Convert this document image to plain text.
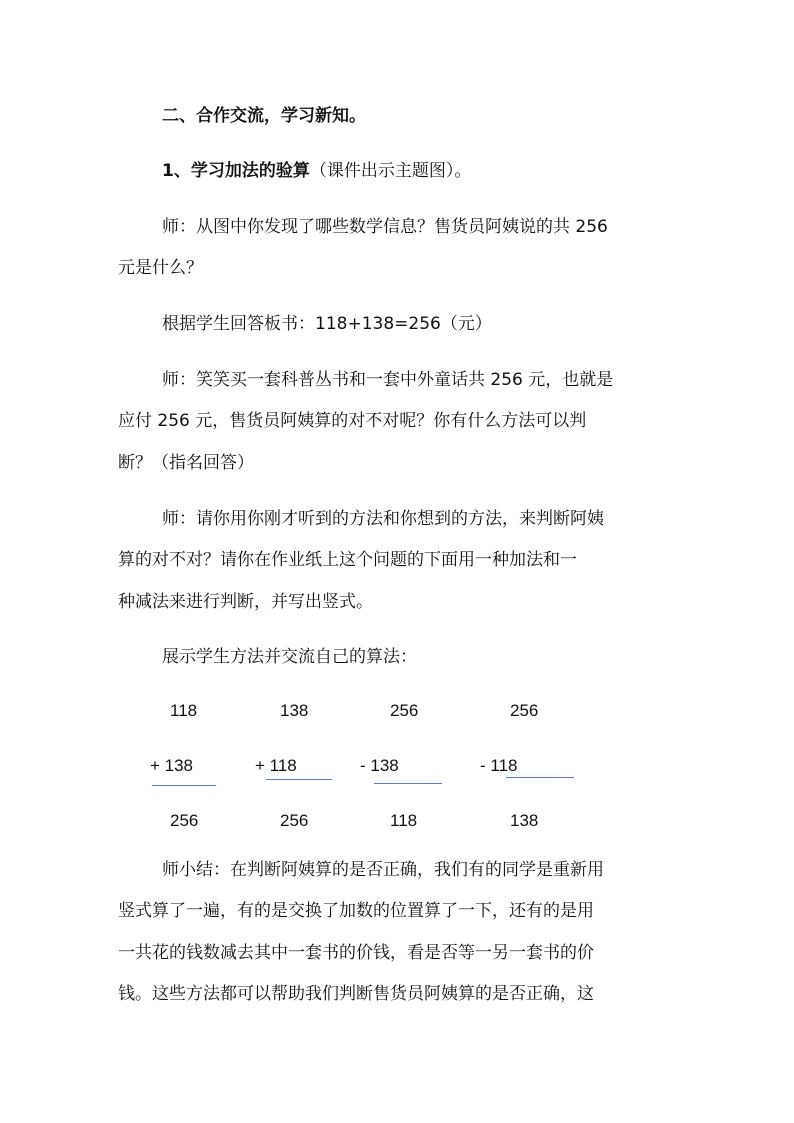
二、合作交流，学习新知。
1、学习加法的验算（课件出示主题图）。
师：从图中你发现了哪些数学信息？售货员阿姨说的共 256
元是什么？
根据学生回答板书：118+138=256（元）
师：笑笑买一套科普丛书和一套中外童话共 256 元，也就是
应付 256 元，售货员阿姨算的对不对呢？你有什么方法可以判
断？（指名回答）
师：请你用你刚才听到的方法和你想到的方法，来判断阿姨
算的对不对？请你在作业纸上这个问题的下面用一种加法和一
种减法来进行判断，并写出竖式。
展示学生方法并交流自己的算法：
118
+ 138
256
138
+ 118
256
256
- 138
118
256
- 118
138
师小结：在判断阿姨算的是否正确，我们有的同学是重新用
竖式算了一遍，有的是交换了加数的位置算了一下，还有的是用
一共花的钱数减去其中一套书的价钱，看是否等一另一套书的价
钱。这些方法都可以帮助我们判断售货员阿姨算的是否正确，这
